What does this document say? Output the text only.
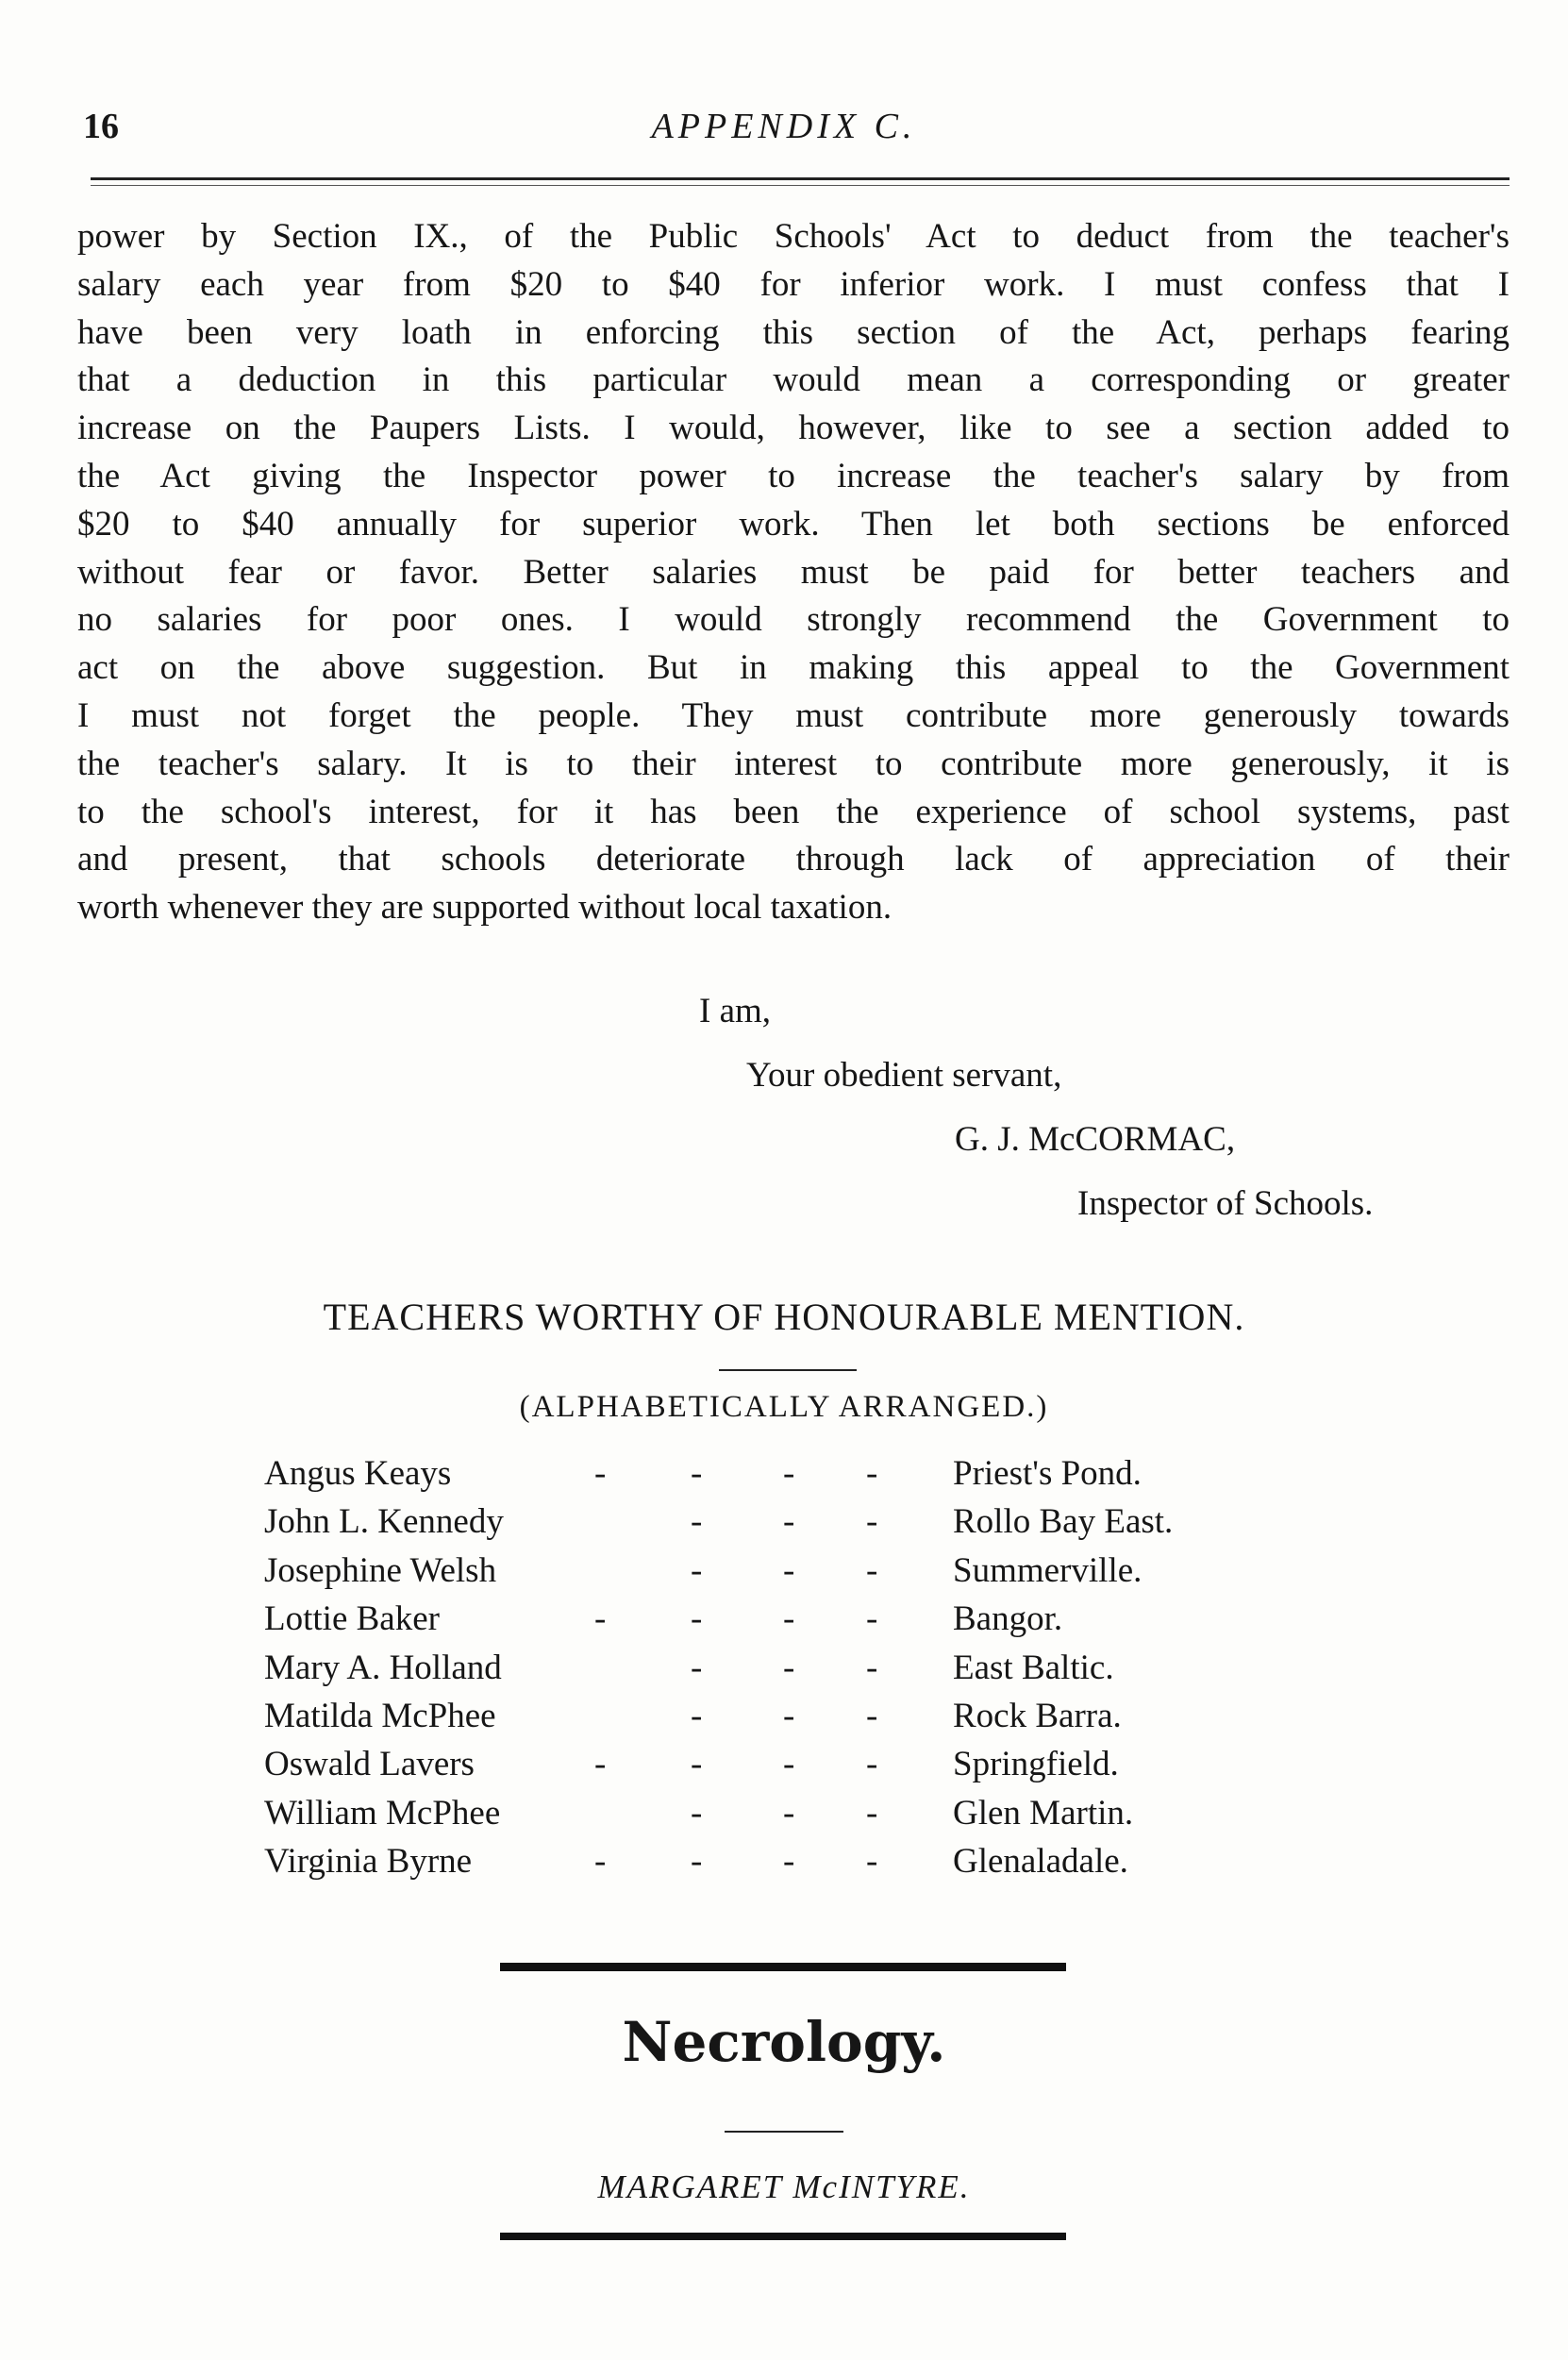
16	APPENDIX C.
power by Section IX., of the Public Schools' Act to deduct from the teacher's
salary each year from $20 to $40 for inferior work. I must confess that I
have been very loath in enforcing this section of the Act, perhaps fearing
that a deduction in this particular would mean a corresponding or greater
increase on the Paupers Lists. I would, however, like to see a section added to
the Act giving the Inspector power to increase the teacher's salary by from
$20 to $40 annually for superior work. Then let both sections be enforced
without fear or favor. Better salaries must be paid for better teachers and
no salaries for poor ones. I would strongly recommend the Government to
act on the above suggestion. But in making this appeal to the Government
I must not forget the people. They must contribute more generously towards
the teacher's salary. It is to their interest to contribute more generously, it is
to the school's interest, for it has been the experience of school systems, past
and present, that schools deteriorate through lack of appreciation of their
worth whenever they are supported without local taxation.
I am,
Your obedient servant,
G. J. McCORMAC,
Inspector of Schools.
TEACHERS WORTHY OF HONOURABLE MENTION.
(ALPHABETICALLY ARRANGED.)
Angus Keays	- - - - Priest's Pond.
John L. Kennedy	- - - Rollo Bay East.
Josephine Welsh	- - - Summerville.
Lottie Baker	- - - - Bangor.
Mary A. Holland	- - - East Baltic.
Matilda McPhee	- - - Rock Barra.
Oswald Lavers	- - - - Springfield.
William McPhee	- - - Glen Martin.
Virginia Byrne	- - - - Glenaladale.
Necrology.
MARGARET McINTYRE.
